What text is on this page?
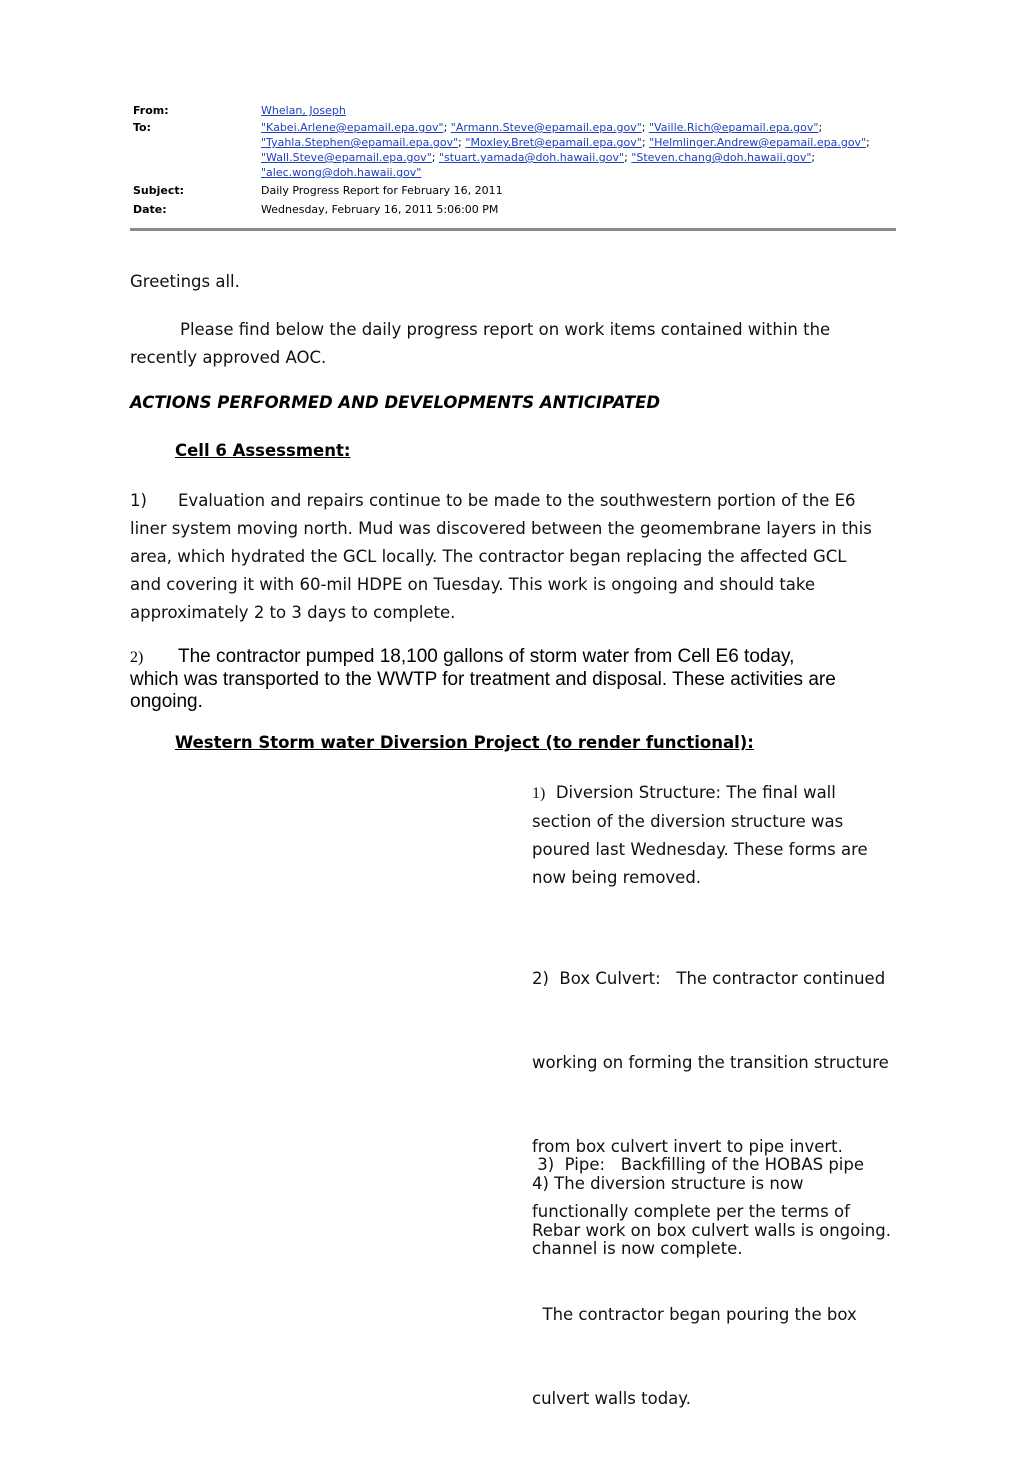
From:	Whelan, Joseph
To:	"Kabei.Arlene@epamail.epa.gov"; "Armann.Steve@epamail.epa.gov"; "Vaille.Rich@epamail.epa.gov";
"Tyahla.Stephen@epamail.epa.gov"; "Moxley.Bret@epamail.epa.gov"; "Helmlinger.Andrew@epamail.epa.gov";
"Wall.Steve@epamail.epa.gov"; "stuart.yamada@doh.hawaii.gov"; "Steven.chang@doh.hawaii.gov";
"alec.wong@doh.hawaii.gov"
Subject:	Daily Progress Report for February 16, 2011
Date:	Wednesday, February 16, 2011 5:06:00 PM
Greetings all.
Please find below the daily progress report on work items contained within the
recently approved AOC.
ACTIONS PERFORMED AND DEVELOPMENTS ANTICIPATED
Cell 6 Assessment:
1) Evaluation and repairs continue to be made to the southwestern portion of the E6
liner system moving north. Mud was discovered between the geomembrane layers in this
area, which hydrated the GCL locally. The contractor began replacing the affected GCL
and covering it with 60-mil HDPE on Tuesday. This work is ongoing and should take
approximately 2 to 3 days to complete.
2) The contractor pumped 18,100 gallons of storm water from Cell E6 today,
which was transported to the WWTP for treatment and disposal. These activities are
ongoing.
Western Storm water Diversion Project (to render functional):
1) Diversion Structure: The final wall
section of the diversion structure was
poured last Wednesday. These forms are
now being removed.

2)  Box Culvert:   The contractor continued

working on forming the transition structure

from box culvert invert to pipe invert.

Rebar work on box culvert walls is ongoing.

The contractor began pouring the box

culvert walls today.

3)  Pipe:   Backfilling of the HOBAS pipe

channel is now complete.

4) The diversion structure is now
functionally complete per the terms of
